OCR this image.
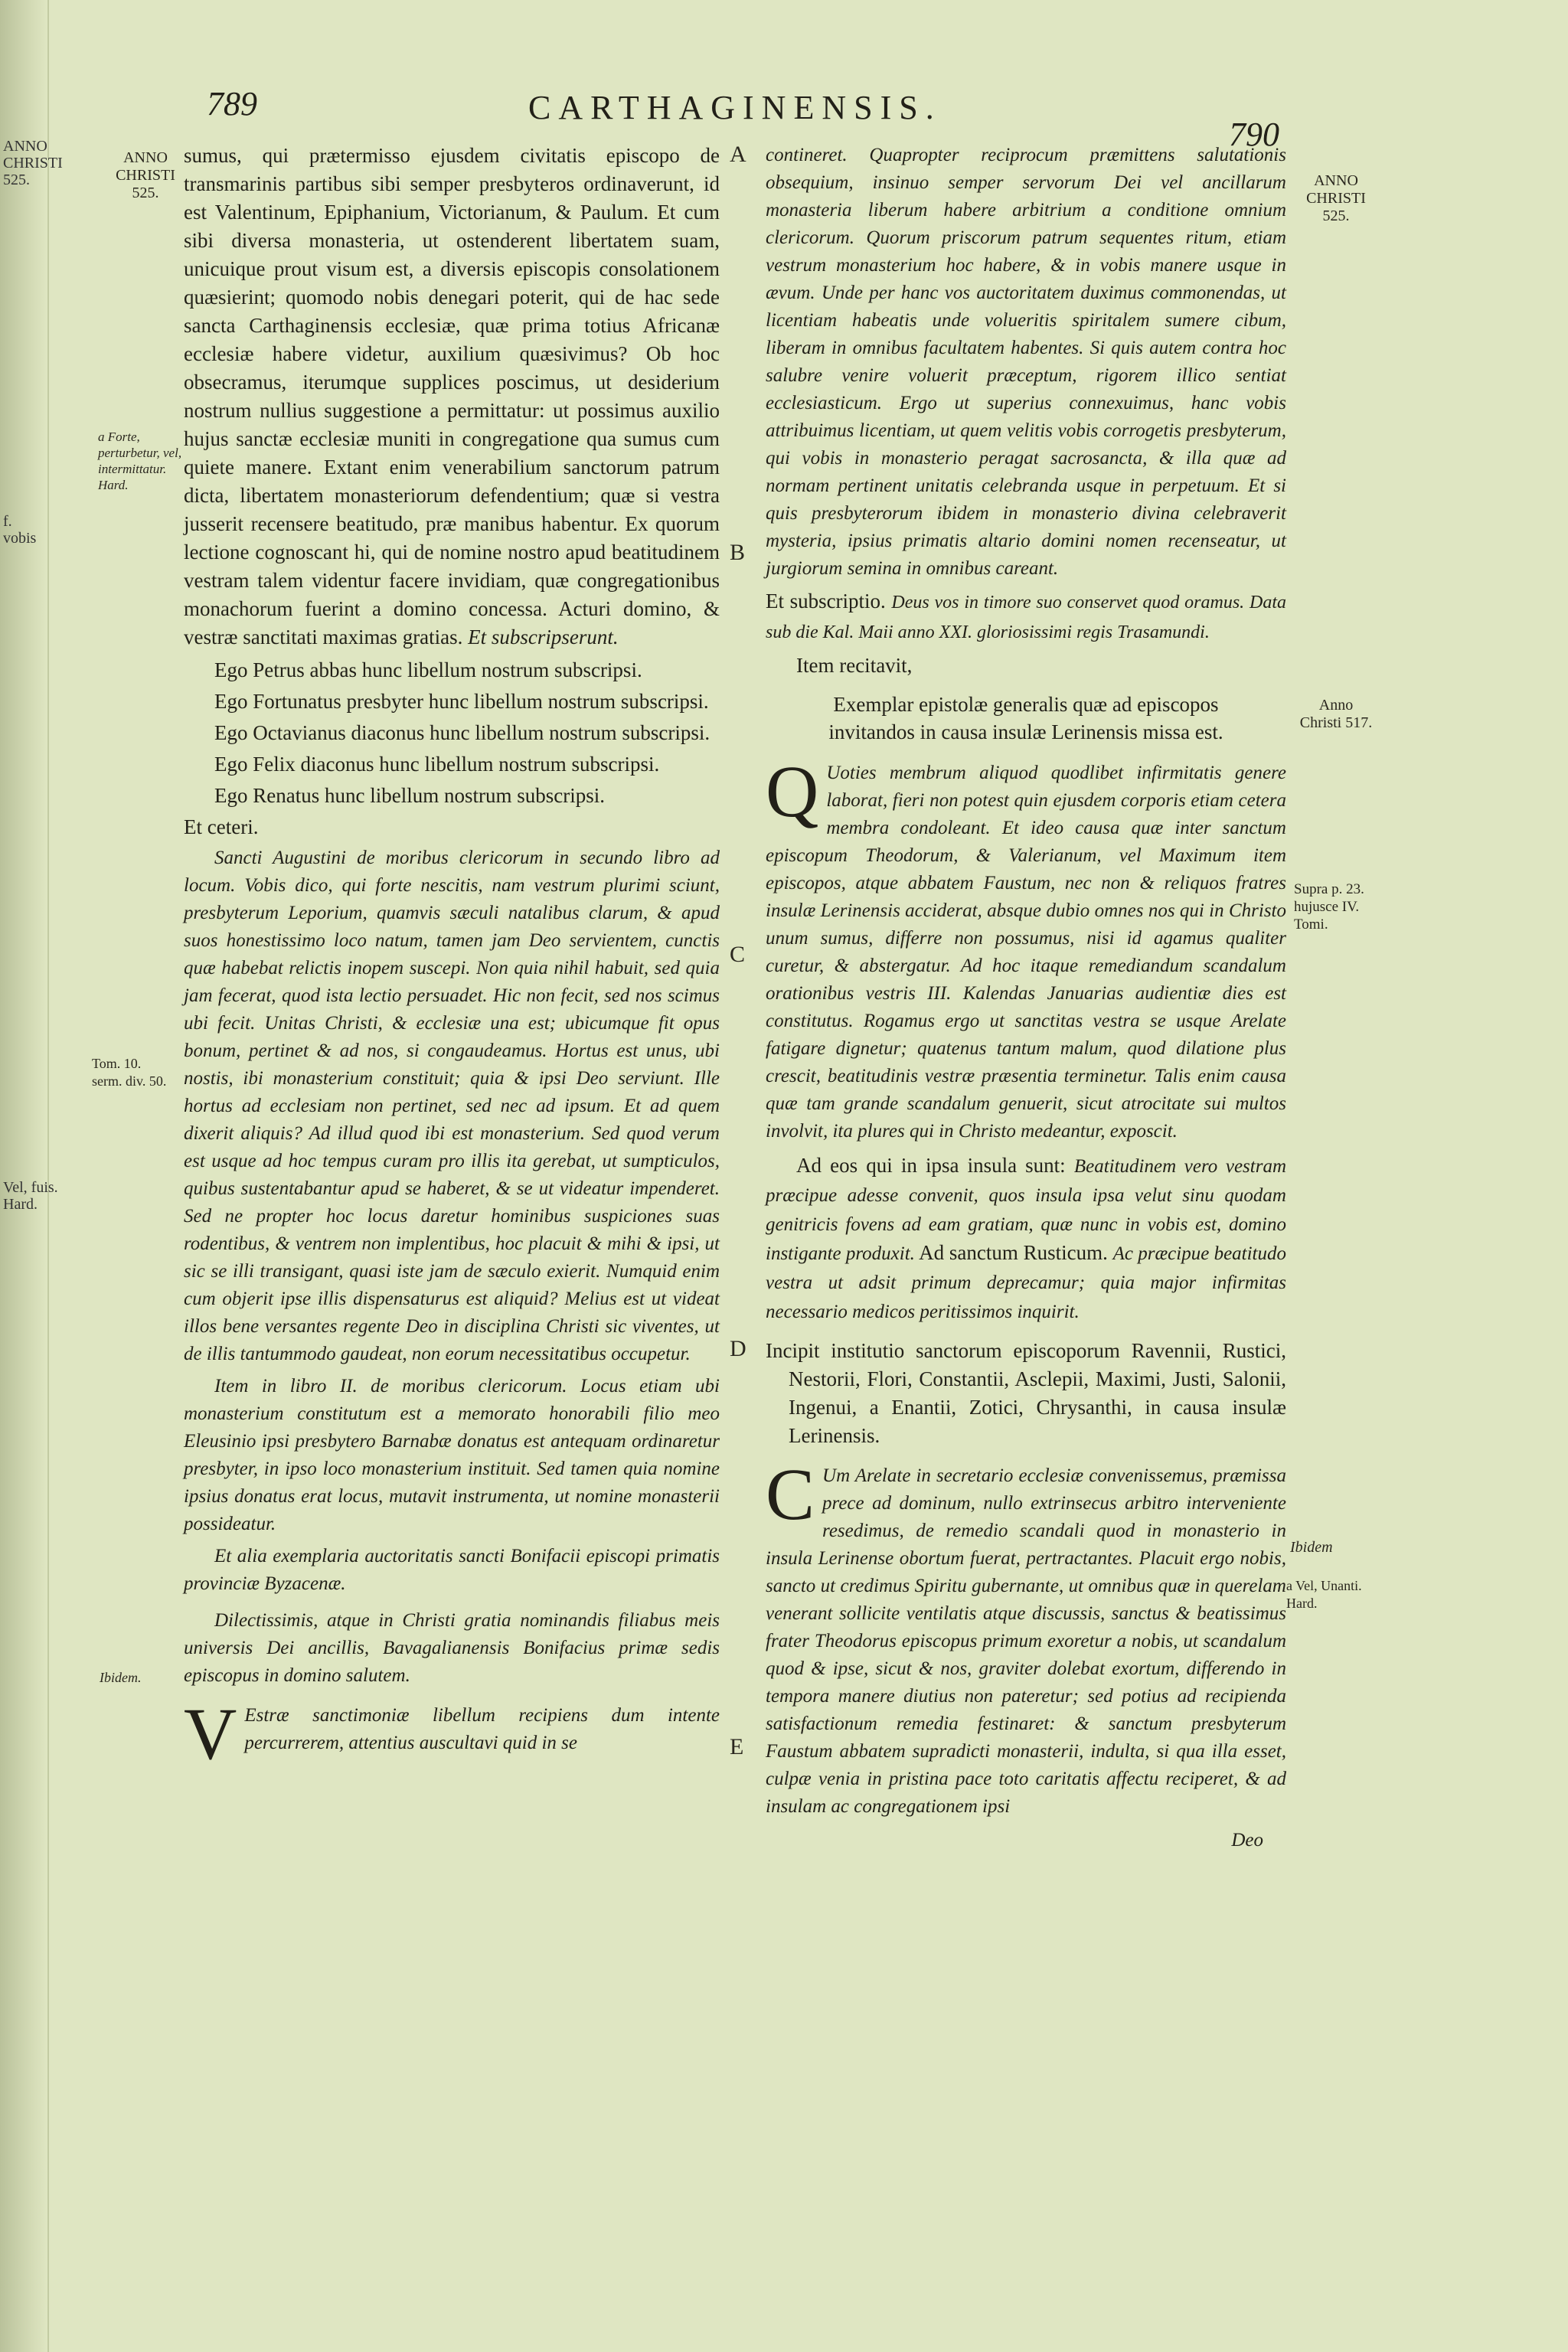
ANNO
CHRISTI
525.
f. vobis
Vel, fuis.
Hard.
789	CARTHAGINENSIS.
790
ANNO
CHRISTI
525.
a Forte, perturbetur, vel, intermittatur. Hard.
Tom. 10. serm. div. 50.
Ibidem.
ANNO
CHRISTI
525.
Anno
Christi 517.
Supra p. 23. hujusce IV. Tomi.
Ibidem
a Vel, Unanti. Hard.
A
B
C
D
E

sumus, qui prætermisso ejusdem civitatis episcopo de transmarinis partibus sibi semper presbyteros ordinaverunt, id est Valentinum, Epiphanium, Victorianum, & Paulum. Et cum sibi diversa monasteria, ut ostenderent libertatem suam, unicuique prout visum est, a diversis episcopis consolationem quæsierint; quomodo nobis denegari poterit, qui de hac sede sancta Carthaginensis ecclesiæ, quæ prima totius Africanæ ecclesiæ habere videtur, auxilium quæsivimus? Ob hoc obsecramus, iterumque supplices poscimus, ut desiderium nostrum nullius suggestione a permittatur: ut possimus auxilio hujus sanctæ ecclesiæ muniti in congregatione qua sumus cum quiete manere. Extant enim venerabilium sanctorum patrum dicta, libertatem monasteriorum defendentium; quæ si vestra jusserit recensere beatitudo, præ manibus habentur. Ex quorum lectione cognoscant hi, qui de nomine nostro apud beatitudinem vestram talem videntur facere invidiam, quæ congregationibus monachorum fuerint a domino concessa. Acturi domino, & vestræ sanctitati maximas gratias. Et subscripserunt.

Ego Petrus abbas hunc libellum nostrum subscripsi.

Ego Fortunatus presbyter hunc libellum nostrum subscripsi.

Ego Octavianus diaconus hunc libellum nostrum subscripsi.

Ego Felix diaconus hunc libellum nostrum subscripsi.

Ego Renatus hunc libellum nostrum subscripsi.

Et ceteri.

Sancti Augustini de moribus clericorum in secundo libro ad locum. Vobis dico, qui forte nescitis, nam vestrum plurimi sciunt, presbyterum Leporium, quamvis sæculi natalibus clarum, & apud suos honestissimo loco natum, tamen jam Deo servientem, cunctis quæ habebat relictis inopem suscepi. Non quia nihil habuit, sed quia jam fecerat, quod ista lectio persuadet. Hic non fecit, sed nos scimus ubi fecit. Unitas Christi, & ecclesiæ una est; ubicumque fit opus bonum, pertinet & ad nos, si congaudeamus. Hortus est unus, ubi nostis, ibi monasterium constituit; quia & ipsi Deo serviunt. Ille hortus ad ecclesiam non pertinet, sed nec ad ipsum. Et ad quem dixerit aliquis? Ad illud quod ibi est monasterium. Sed quod verum est usque ad hoc tempus curam pro illis ita gerebat, ut sumpticulos, quibus sustentabantur apud se haberet, & se ut videatur impenderet. Sed ne propter hoc locus daretur hominibus suspiciones suas rodentibus, & ventrem non implentibus, hoc placuit & mihi & ipsi, ut sic se illi transigant, quasi iste jam de sæculo exierit. Numquid enim cum objerit ipse illis dispensaturus est aliquid? Melius est ut videat illos bene versantes regente Deo in disciplina Christi sic viventes, ut de illis tantummodo gaudeat, non eorum necessitatibus occupetur.

Item in libro II. de moribus clericorum. Locus etiam ubi monasterium constitutum est a memorato honorabili filio meo Eleusinio ipsi presbytero Barnabæ donatus est antequam ordinaretur presbyter, in ipso loco monasterium instituit. Sed tamen quia nomine ipsius donatus erat locus, mutavit instrumenta, ut nomine monasterii possideatur.

Et alia exemplaria auctoritatis sancti Bonifacii episcopi primatis provinciæ Byzacenæ.

Dilectissimis, atque in Christi gratia nominandis filiabus meis universis Dei ancillis, Bavagalianensis Bonifacius primæ sedis episcopus in domino salutem.

V Estræ sanctimoniæ libellum recipiens dum intente percurrerem, attentius auscultavi quid in se

contineret. Quapropter reciprocum præmittens salutationis obsequium, insinuo semper servorum Dei vel ancillarum monasteria liberum habere arbitrium a conditione omnium clericorum. Quorum priscorum patrum sequentes ritum, etiam vestrum monasterium hoc habere, & in vobis manere usque in ævum. Unde per hanc vos auctoritatem duximus commonendas, ut licentiam habeatis unde volueritis spiritalem sumere cibum, liberam in omnibus facultatem habentes. Si quis autem contra hoc salubre venire voluerit præceptum, rigorem illico sentiat ecclesiasticum. Ergo ut superius connexuimus, hanc vobis attribuimus licentiam, ut quem velitis vobis corrogetis presbyterum, qui vobis in monasterio peragat sacrosancta, & illa quæ ad normam pertinent unitatis celebranda usque in perpetuum. Et si quis presbyterorum ibidem in monasterio divina celebraverit mysteria, ipsius primatis altario domini nomen recenseatur, ut jurgiorum semina in omnibus careant.

Et subscriptio. Deus vos in timore suo conservet quod oramus. Data sub die Kal. Maii anno XXI. gloriosissimi regis Trasamundi.

Item recitavit,

Exemplar epistolæ generalis quæ ad episcopos invitandos in causa insulæ Lerinensis missa est.

Q Uoties membrum aliquod quodlibet infirmitatis genere laborat, fieri non potest quin ejusdem corporis etiam cetera membra condoleant. Et ideo causa quæ inter sanctum episcopum Theodorum, & Valerianum, vel Maximum item episcopos, atque abbatem Faustum, nec non & reliquos fratres insulæ Lerinensis acciderat, absque dubio omnes nos qui in Christo unum sumus, differre non possumus, nisi id agamus qualiter curetur, & abstergatur. Ad hoc itaque remediandum scandalum orationibus vestris III. Kalendas Januarias audientiæ dies est constitutus. Rogamus ergo ut sanctitas vestra se usque Arelate fatigare dignetur; quatenus tantum malum, quod dilatione plus crescit, beatitudinis vestræ præsentia terminetur. Talis enim causa quæ tam grande scandalum genuerit, sicut atrocitate sui multos involvit, ita plures qui in Christo medeantur, exposcit.

Ad eos qui in ipsa insula sunt: Beatitudinem vero vestram præcipue adesse convenit, quos insula ipsa velut sinu quodam genitricis fovens ad eam gratiam, quæ nunc in vobis est, domino instigante produxit. Ad sanctum Rusticum. Ac præcipue beatitudo vestra ut adsit primum deprecamur; quia major infirmitas necessario medicos peritissimos inquirit.

Incipit institutio sanctorum episcoporum Ravennii, Rustici, Nestorii, Flori, Constantii, Asclepii, Maximi, Justi, Salonii, Ingenui, a Enantii, Zotici, Chrysanthi, in causa insulæ Lerinensis.

C Um Arelate in secretario ecclesiæ convenissemus, præmissa prece ad dominum, nullo extrinsecus arbitro interveniente resedimus, de remedio scandali quod in monasterio in insula Lerinense obortum fuerat, pertractantes. Placuit ergo nobis, sancto ut credimus Spiritu gubernante, ut omnibus quæ in querelam venerant sollicite ventilatis atque discussis, sanctus & beatissimus frater Theodorus episcopus primum exoretur a nobis, ut scandalum quod & ipse, sicut & nos, graviter dolebat exortum, differendo in tempora manere diutius non pateretur; sed potius ad recipienda satisfactionum remedia festinaret: & sanctum presbyterum Faustum abbatem supradicti monasterii, indulta, si qua illa esset, culpæ venia in pristina pace toto caritatis affectu reciperet, & ad insulam ac congregationem ipsi

Deo
